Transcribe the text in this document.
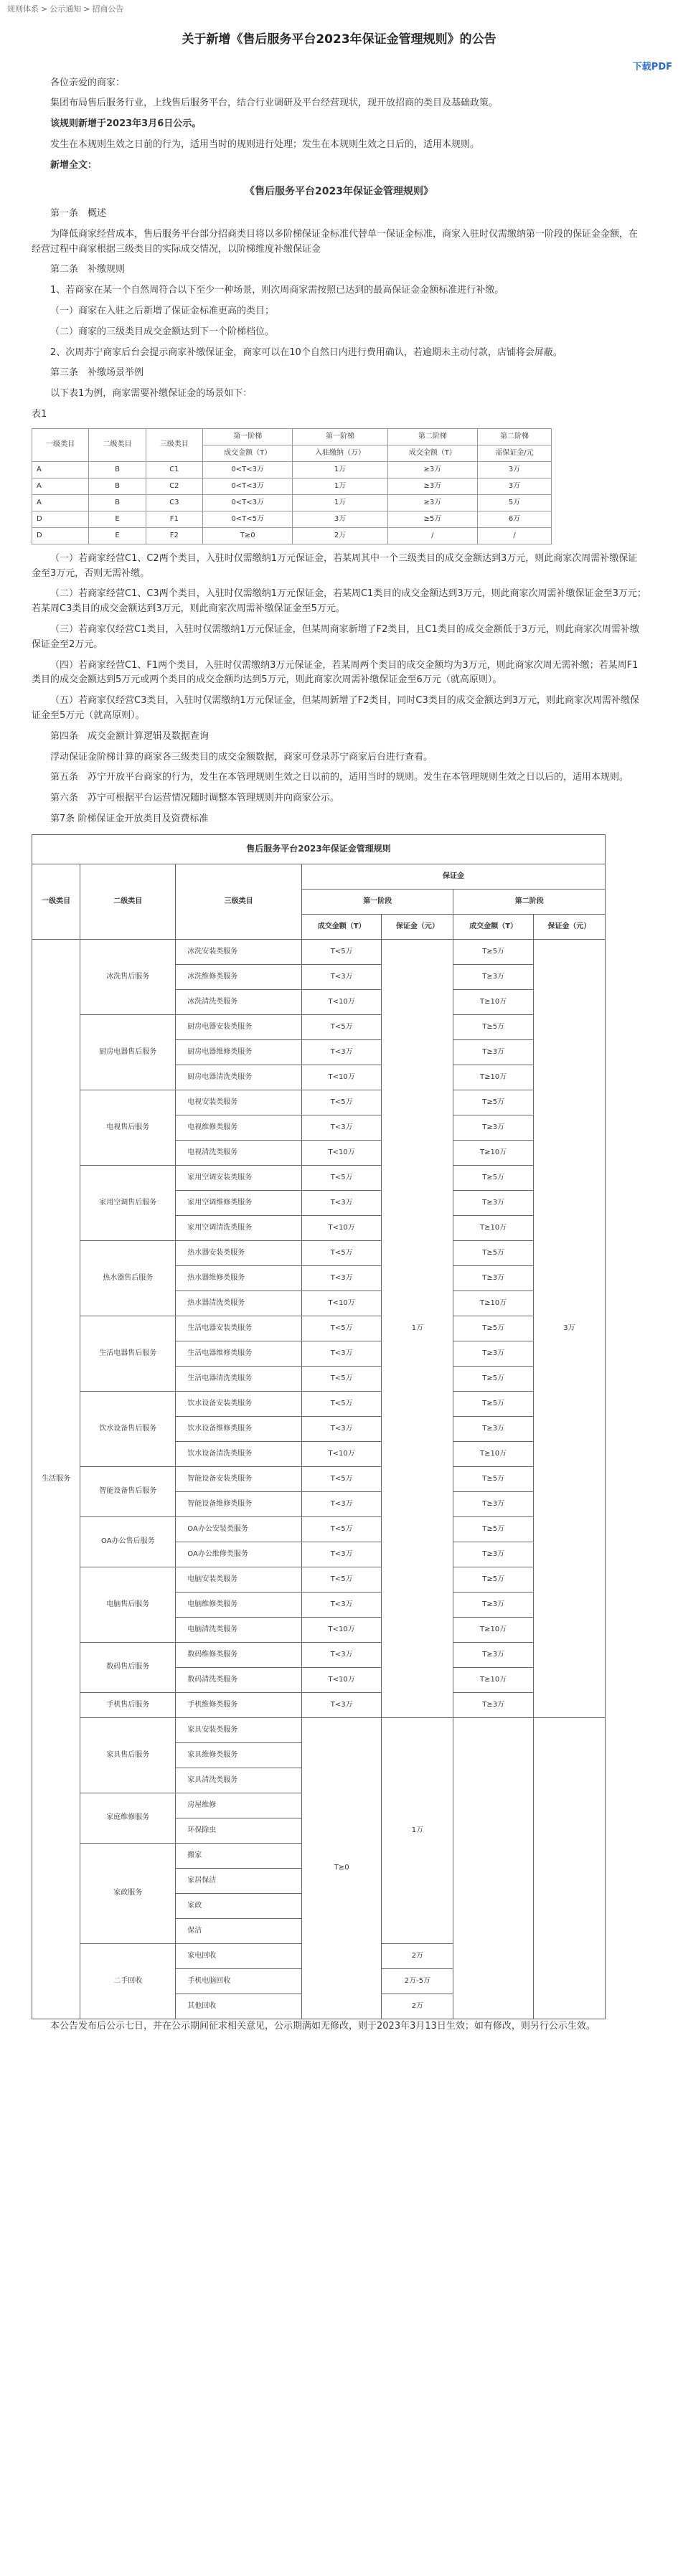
规则体系 > 公示通知 > 招商公告
关于新增《售后服务平台2023年保证金管理规则》的公告
下载PDF

各位亲爱的商家：

集团布局售后服务行业，上线售后服务平台，结合行业调研及平台经营现状，现开放招商的类目及基础政策。

该规则新增于2023年3月6日公示。

发生在本规则生效之日前的行为，适用当时的规则进行处理；发生在本规则生效之日后的，适用本规则。

新增全文：

《售后服务平台2023年保证金管理规则》

第一条　概述

为降低商家经营成本，售后服务平台部分招商类目将以多阶梯保证金标准代替单一保证金标准，商家入驻时仅需缴纳第一阶段的保证金金额，在经营过程中商家根据三级类目的实际成交情况，以阶梯维度补缴保证金

第二条　补缴规则

1、若商家在某一个自然周符合以下至少一种场景，则次周商家需按照已达到的最高保证金金额标准进行补缴。

（一）商家在入驻之后新增了保证金标准更高的类目；

（二）商家的三级类目成交金额达到下一个阶梯档位。

2、次周苏宁商家后台会提示商家补缴保证金，商家可以在10个自然日内进行费用确认，若逾期未主动付款，店铺将会屏蔽。

第三条　补缴场景举例

以下表1为例，商家需要补缴保证金的场景如下：

表1

一级类目	二级类目	三级类目	第一阶梯	第一阶梯	第二阶梯	第二阶梯
			成交金额（T）	入驻缴纳（万）	成交金额（T）	需保证金/元
A	B	C1	0<T<3万	1万	≥3万	3万
A	B	C2	0<T<3万	1万	≥3万	3万
A	B	C3	0<T<3万	1万	≥3万	5万
D	E	F1	0<T<5万	3万	≥5万	6万
D	E	F2	T≥0	2万	/	/

（一）若商家经营C1、C2两个类目，入驻时仅需缴纳1万元保证金，若某周其中一个三级类目的成交金额达到3万元，则此商家次周需补缴保证金至3万元，否则无需补缴。

（二）若商家经营C1、C3两个类目，入驻时仅需缴纳1万元保证金，若某周C1类目的成交金额达到3万元，则此商家次周需补缴保证金至3万元；若某周C3类目的成交金额达到3万元，则此商家次周需补缴保证金至5万元。

（三）若商家仅经营C1类目，入驻时仅需缴纳1万元保证金，但某周商家新增了F2类目，且C1类目的成交金额低于3万元，则此商家次周需补缴保证金至2万元。

（四）若商家经营C1、F1两个类目，入驻时仅需缴纳3万元保证金，若某周两个类目的成交金额均为3万元，则此商家次周无需补缴；若某周F1类目的成交金额达到5万元或两个类目的成交金额均达到5万元，则此商家次周需补缴保证金至6万元（就高原则）。

（五）若商家仅经营C3类目，入驻时仅需缴纳1万元保证金，但某周新增了F2类目，同时C3类目的成交金额达到3万元，则此商家次周需补缴保证金至5万元（就高原则）。

第四条　成交金额计算逻辑及数据查询

浮动保证金阶梯计算的商家各三级类目的成交金额数据，商家可登录苏宁商家后台进行查看。

第五条　苏宁开放平台商家的行为，发生在本管理规则生效之日以前的，适用当时的规则。发生在本管理规则生效之日以后的，适用本规则。

第六条　苏宁可根据平台运营情况随时调整本管理规则并向商家公示。

第7条 阶梯保证金开放类目及资费标准

售后服务平台2023年保证金管理规则						
一级类目	二级类目	三级类目	保证金			
			第一阶段		第二阶段	
			成交金额（T）	保证金（元）	成交金额（T）	保证金（元）
生活服务	冰洗售后服务	冰洗安装类服务	T<5万	1万	T≥5万	3万
		冰洗维修类服务	T<3万		T≥3万	
		冰洗清洗类服务	T<10万		T≥10万	
	厨房电器售后服务	厨房电器安装类服务	T<5万		T≥5万	
		厨房电器维修类服务	T<3万		T≥3万	
		厨房电器清洗类服务	T<10万		T≥10万	
	电视售后服务	电视安装类服务	T<5万		T≥5万	
		电视维修类服务	T<3万		T≥3万	
		电视清洗类服务	T<10万		T≥10万	
	家用空调售后服务	家用空调安装类服务	T<5万		T≥5万	
		家用空调维修类服务	T<3万		T≥3万	
		家用空调清洗类服务	T<10万		T≥10万	
	热水器售后服务	热水器安装类服务	T<5万		T≥5万	
		热水器维修类服务	T<3万		T≥3万	
		热水器清洗类服务	T<10万		T≥10万	
	生活电器售后服务	生活电器安装类服务	T<5万		T≥5万	
		生活电器维修类服务	T<3万		T≥3万	
		生活电器清洗类服务	T<5万		T≥5万	
	饮水设备售后服务	饮水设备安装类服务	T<5万		T≥5万	
		饮水设备维修类服务	T<3万		T≥3万	
		饮水设备清洗类服务	T<10万		T≥10万	
	智能设备售后服务	智能设备安装类服务	T<5万		T≥5万	
		智能设备维修类服务	T<3万		T≥3万	
	OA办公售后服务	OA办公安装类服务	T<5万		T≥5万	
		OA办公维修类服务	T<3万		T≥3万	
	电脑售后服务	电脑安装类服务	T<5万		T≥5万	
		电脑维修类服务	T<3万		T≥3万	
		电脑清洗类服务	T<10万		T≥10万	
	数码售后服务	数码维修类服务	T<3万		T≥3万	
		数码清洗类服务	T<10万		T≥10万	
	手机售后服务	手机维修类服务	T<3万		T≥3万	
	家具售后服务	家具安装类服务	T≥0	1万		
		家具维修类服务				
		家具清洗类服务				
	家庭维修服务	房屋维修				
		环保除虫				
	家政服务	搬家				
		家居保洁				
		家政				
		保洁				
	二手回收	家电回收		2万		
		手机电脑回收		2万-5万		
		其他回收		2万		

本公告发布后公示七日，并在公示期间征求相关意见，公示期满如无修改，则于2023年3月13日生效；如有修改，则另行公示生效。
